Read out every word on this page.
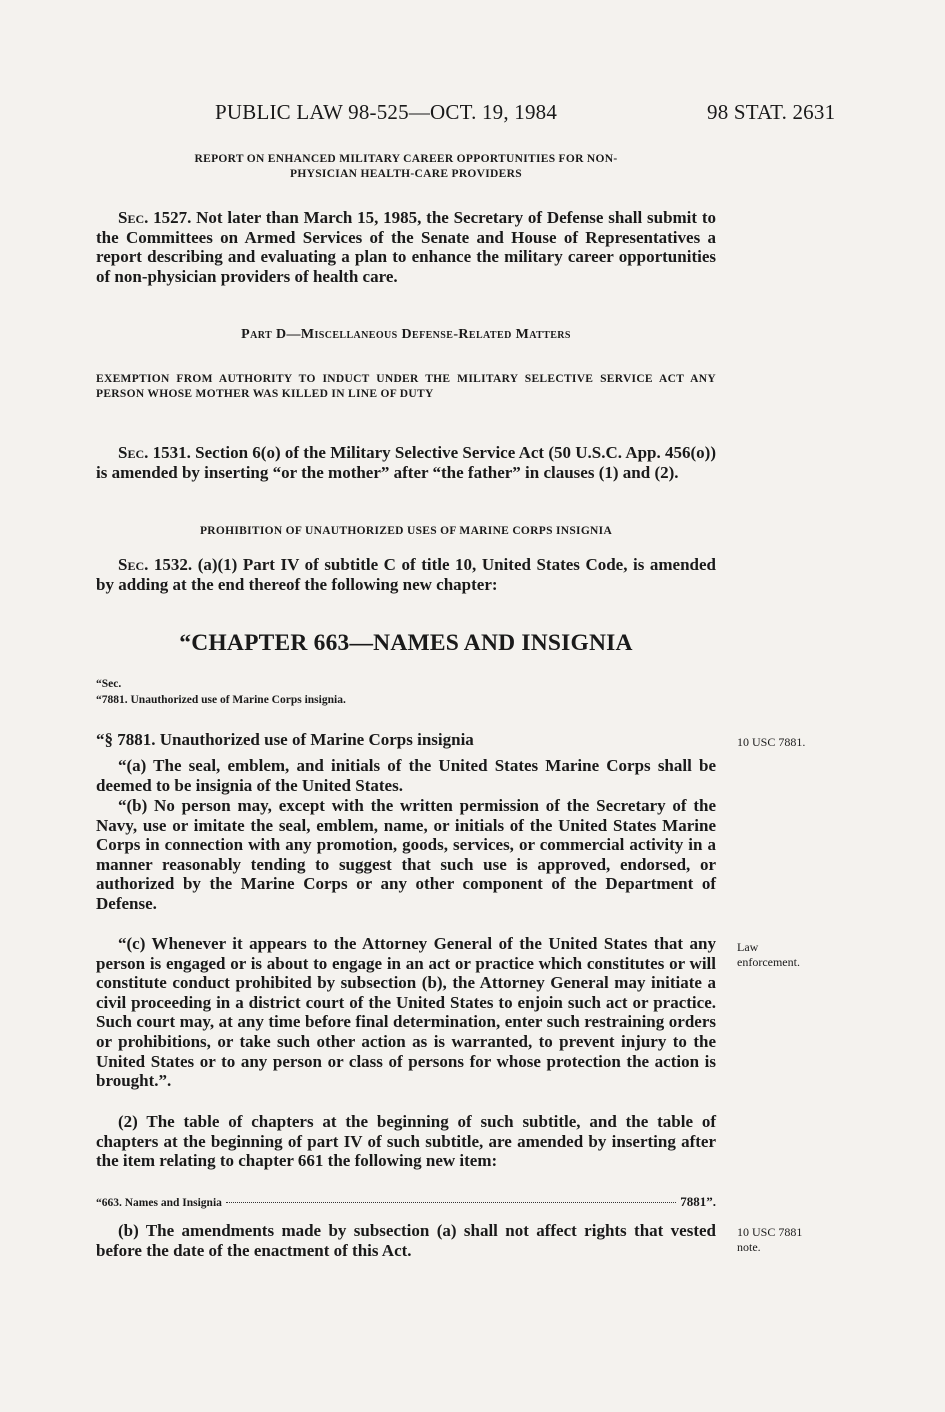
PUBLIC LAW 98-525—OCT. 19, 1984	98 STAT. 2631
REPORT ON ENHANCED MILITARY CAREER OPPORTUNITIES FOR NON-
PHYSICIAN HEALTH-CARE PROVIDERS

Sec. 1527. Not later than March 15, 1985, the Secretary of Defense shall submit to the Committees on Armed Services of the Senate and House of Representatives a report describing and evaluating a plan to enhance the military career opportunities of non-physician providers of health care.

Part D—Miscellaneous Defense-Related Matters
EXEMPTION FROM AUTHORITY TO INDUCT UNDER THE MILITARY SELECTIVE SERVICE ACT ANY PERSON WHOSE MOTHER WAS KILLED IN LINE OF DUTY

Sec. 1531. Section 6(o) of the Military Selective Service Act (50 U.S.C. App. 456(o)) is amended by inserting “or the mother” after “the father” in clauses (1) and (2).

PROHIBITION OF UNAUTHORIZED USES OF MARINE CORPS INSIGNIA

Sec. 1532. (a)(1) Part IV of subtitle C of title 10, United States Code, is amended by adding at the end thereof the following new chapter:

“CHAPTER 663—NAMES AND INSIGNIA
“Sec.
“7881. Unauthorized use of Marine Corps insignia.
“§ 7881. Unauthorized use of Marine Corps insignia

“(a) The seal, emblem, and initials of the United States Marine Corps shall be deemed to be insignia of the United States.

“(b) No person may, except with the written permission of the Secretary of the Navy, use or imitate the seal, emblem, name, or initials of the United States Marine Corps in connection with any promotion, goods, services, or commercial activity in a manner reasonably tending to suggest that such use is approved, endorsed, or authorized by the Marine Corps or any other component of the Department of Defense.

“(c) Whenever it appears to the Attorney General of the United States that any person is engaged or is about to engage in an act or practice which constitutes or will constitute conduct prohibited by subsection (b), the Attorney General may initiate a civil proceeding in a district court of the United States to enjoin such act or practice. Such court may, at any time before final determination, enter such restraining orders or prohibitions, or take such other action as is warranted, to prevent injury to the United States or to any person or class of persons for whose protection the action is brought.”.

(2) The table of chapters at the beginning of such subtitle, and the table of chapters at the beginning of part IV of such subtitle, are amended by inserting after the item relating to chapter 661 the following new item:

“663. Names and Insignia	7881”.

(b) The amendments made by subsection (a) shall not affect rights that vested before the date of the enactment of this Act.

10 USC 7881.
Law
enforcement.
10 USC 7881
note.
